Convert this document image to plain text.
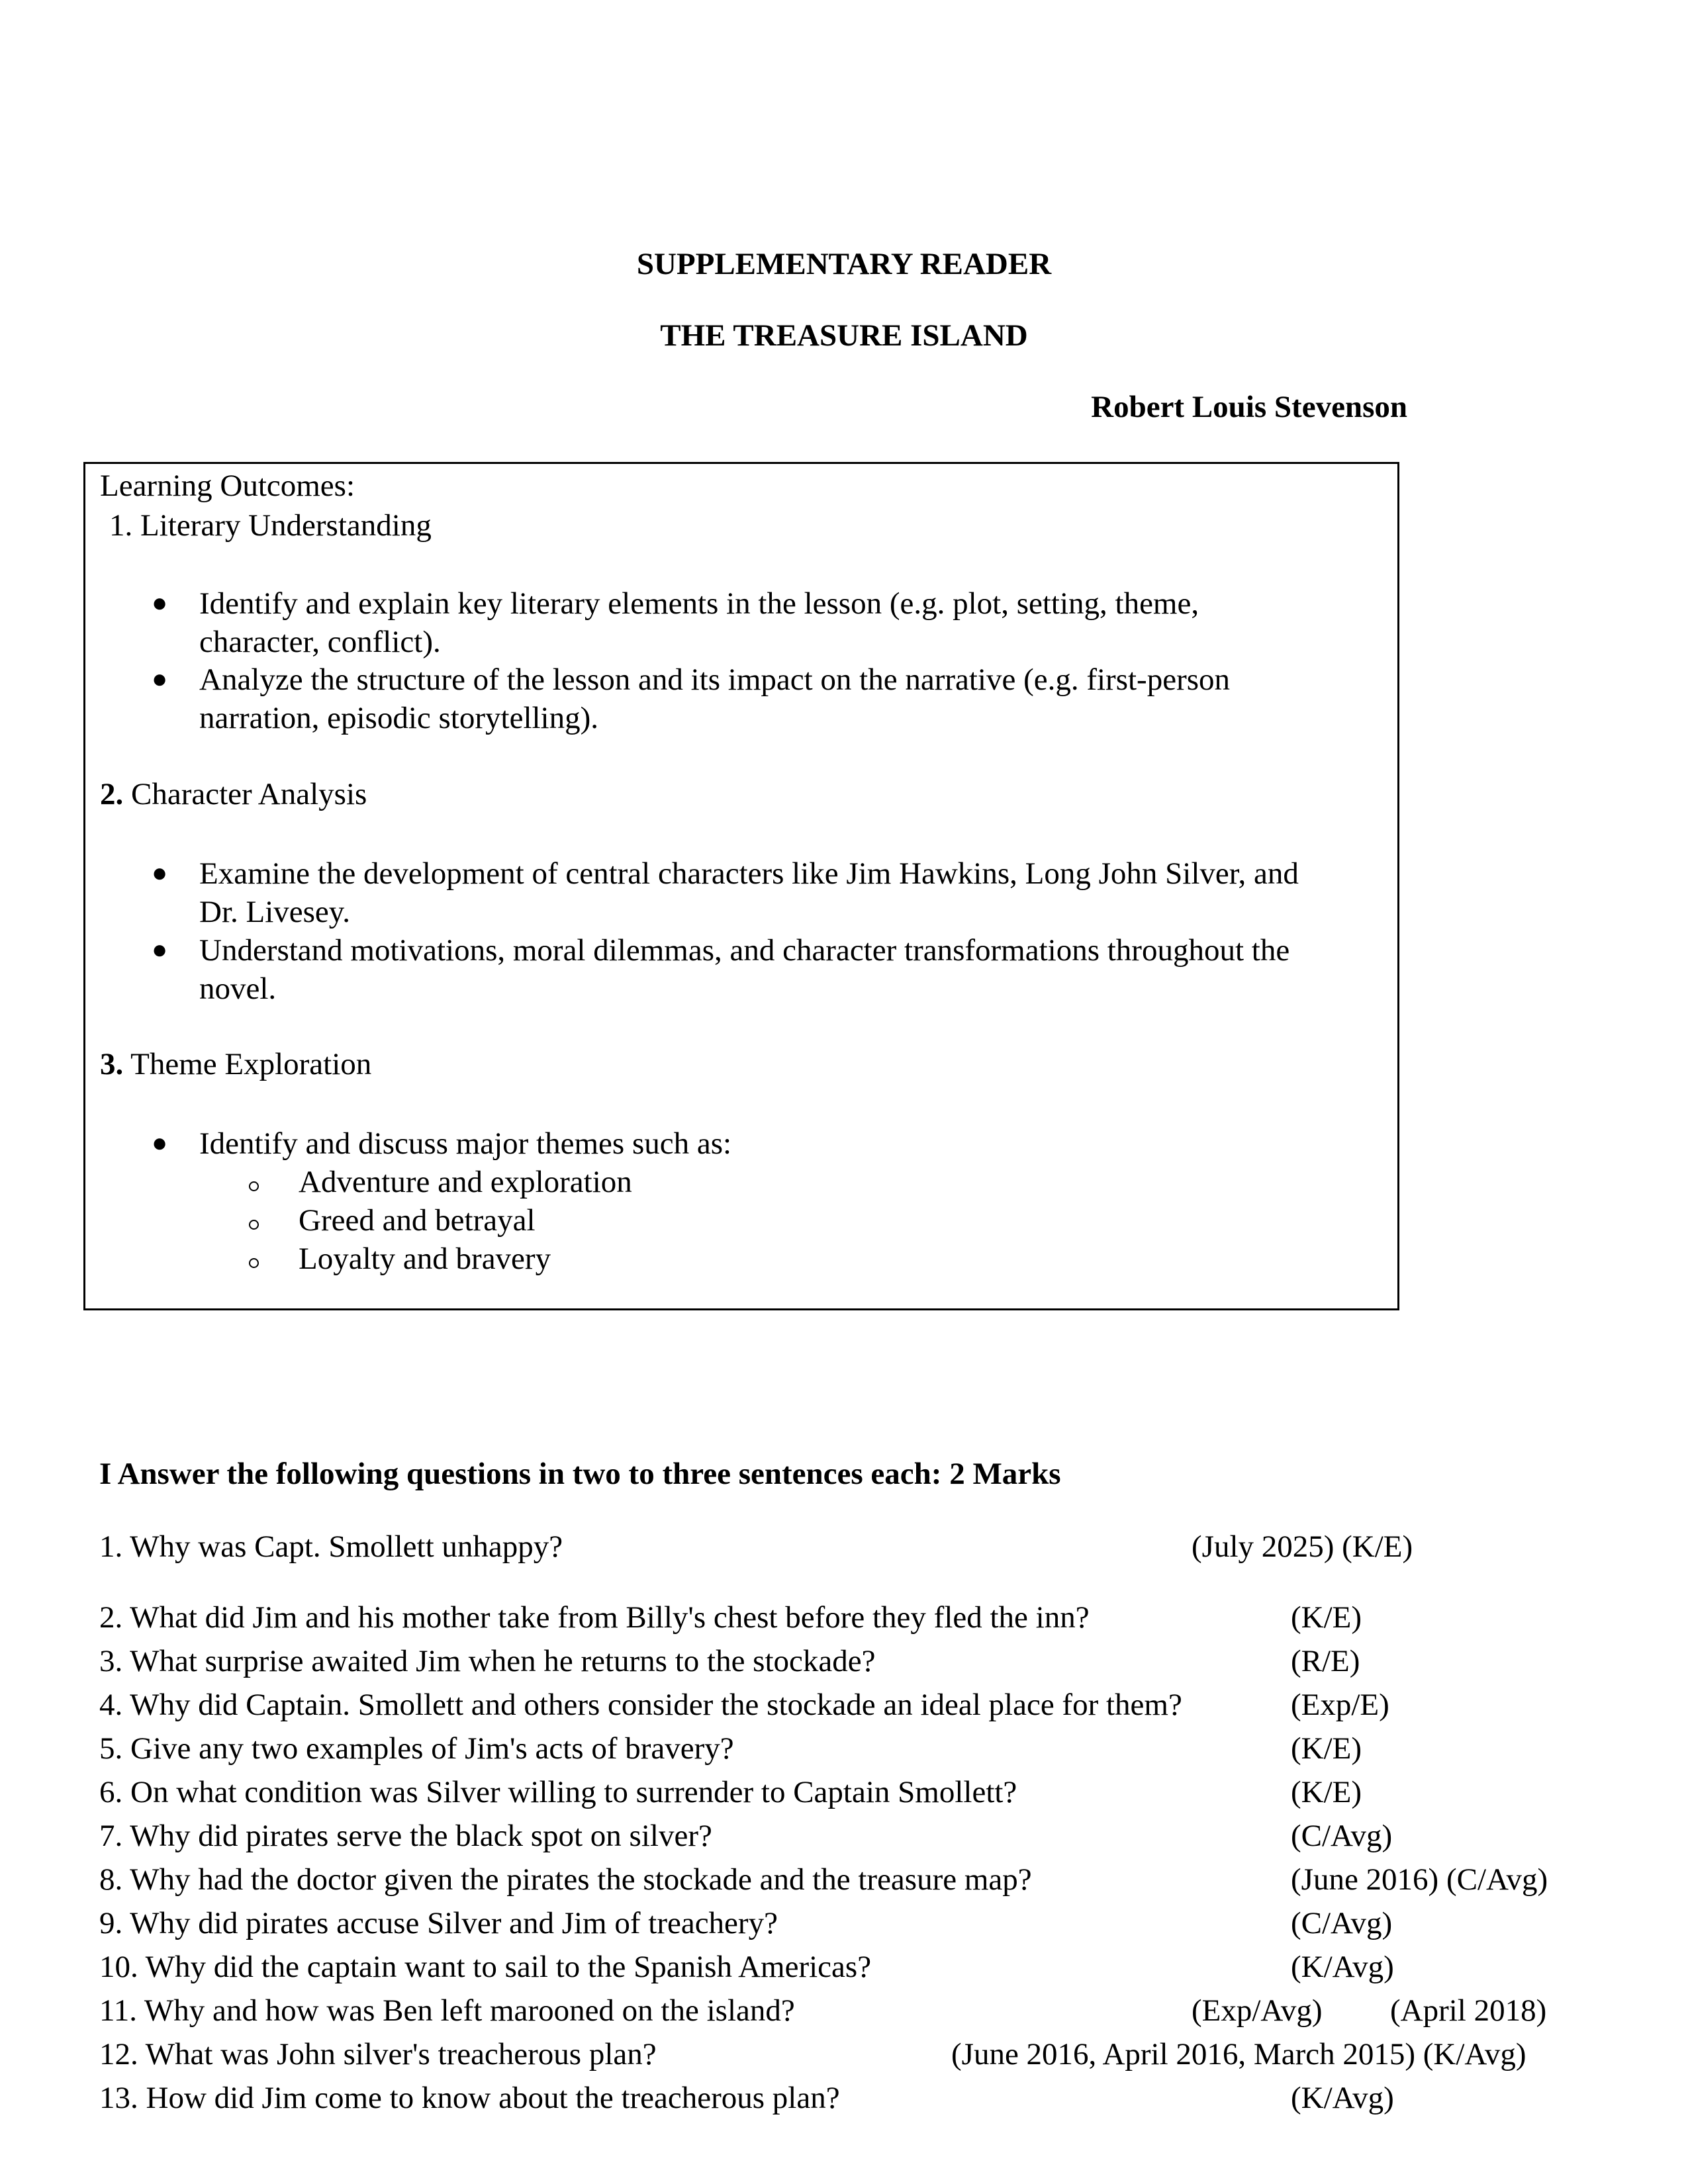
SUPPLEMENTARY READER
THE TREASURE ISLAND
Robert Louis Stevenson
Learning Outcomes:
1. Literary Understanding
● Identify and explain key literary elements in the lesson (e.g. plot, setting, theme,
character, conflict).
● Analyze the structure of the lesson and its impact on the narrative (e.g. first-person
narration, episodic storytelling).
2. Character Analysis
● Examine the development of central characters like Jim Hawkins, Long John Silver, and
Dr. Livesey.
● Understand motivations, moral dilemmas, and character transformations throughout the
novel.
3. Theme Exploration
● Identify and discuss major themes such as:
Adventure and exploration
Greed and betrayal
Loyalty and bravery
I Answer the following questions in two to three sentences each: 2 Marks
1. Why was Capt. Smollett unhappy?	(July 2025) (K/E)
2. What did Jim and his mother take from Billy's chest before they fled the inn?	(K/E)
3. What surprise awaited Jim when he returns to the stockade?	(R/E)
4. Why did Captain. Smollett and others consider the stockade an ideal place for them?	(Exp/E)
5. Give any two examples of Jim's acts of bravery?	(K/E)
6. On what condition was Silver willing to surrender to Captain Smollett?	(K/E)
7. Why did pirates serve the black spot on silver?	(C/Avg)
8. Why had the doctor given the pirates the stockade and the treasure map?	(June 2016) (C/Avg)
9. Why did pirates accuse Silver and Jim of treachery?	(C/Avg)
10. Why did the captain want to sail to the Spanish Americas?	(K/Avg)
11. Why and how was Ben left marooned on the island?	(Exp/Avg) (April 2018)
12. What was John silver's treacherous plan?	(June 2016, April 2016, March 2015) (K/Avg)
13. How did Jim come to know about the treacherous plan?	(K/Avg)
